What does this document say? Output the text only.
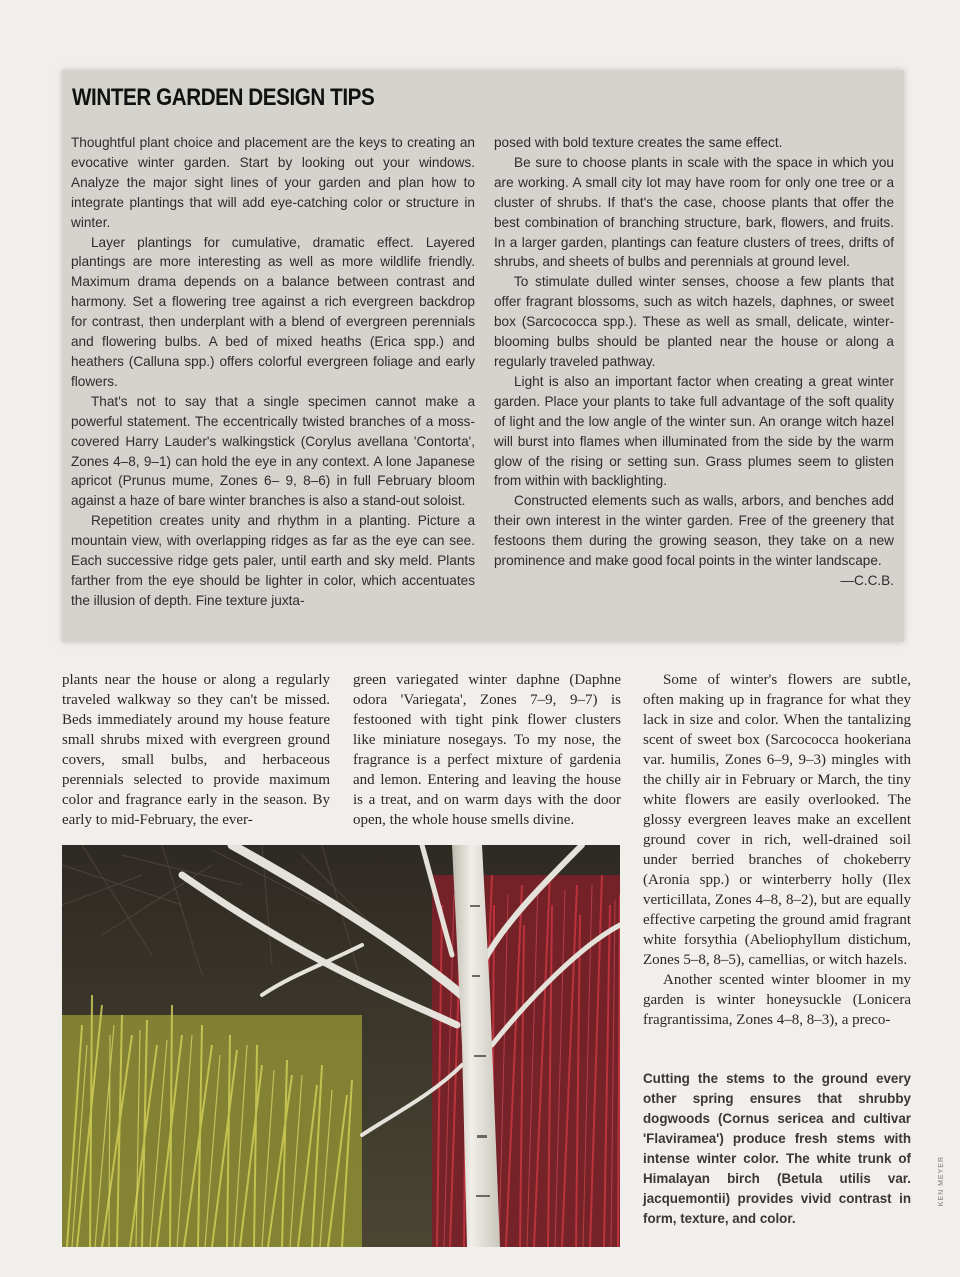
WINTER GARDEN DESIGN TIPS

Thoughtful plant choice and placement are the keys to creating an evocative winter garden. Start by looking out your windows. Analyze the major sight lines of your garden and plan how to integrate plantings that will add eye-catching color or structure in winter.

Layer plantings for cumulative, dramatic effect. Layered plantings are more interesting as well as more wildlife friendly. Maximum drama depends on a balance between contrast and harmony. Set a flowering tree against a rich evergreen backdrop for contrast, then underplant with a blend of evergreen perennials and flowering bulbs. A bed of mixed heaths (Erica spp.) and heathers (Calluna spp.) offers colorful evergreen foliage and early flowers.

That's not to say that a single specimen cannot make a powerful statement. The eccentrically twisted branches of a moss-covered Harry Lauder's walkingstick (Corylus avellana 'Contorta', Zones 4–8, 9–1) can hold the eye in any context. A lone Japanese apricot (Prunus mume, Zones 6– 9, 8–6) in full February bloom against a haze of bare winter branches is also a stand-out soloist.

Repetition creates unity and rhythm in a planting. Picture a mountain view, with overlapping ridges as far as the eye can see. Each successive ridge gets paler, until earth and sky meld. Plants farther from the eye should be lighter in color, which accentuates the illusion of depth. Fine texture juxta-

posed with bold texture creates the same effect.

Be sure to choose plants in scale with the space in which you are working. A small city lot may have room for only one tree or a cluster of shrubs. If that's the case, choose plants that offer the best combination of branching structure, bark, flowers, and fruits. In a larger garden, plantings can feature clusters of trees, drifts of shrubs, and sheets of bulbs and perennials at ground level.

To stimulate dulled winter senses, choose a few plants that offer fragrant blossoms, such as witch hazels, daphnes, or sweet box (Sarcococca spp.). These as well as small, delicate, winter-blooming bulbs should be planted near the house or along a regularly traveled pathway.

Light is also an important factor when creating a great winter garden. Place your plants to take full advantage of the soft quality of light and the low angle of the winter sun. An orange witch hazel will burst into flames when illuminated from the side by the warm glow of the rising or setting sun. Grass plumes seem to glisten from within with backlighting.

Constructed elements such as walls, arbors, and benches add their own interest in the winter garden. Free of the greenery that festoons them during the growing season, they take on a new prominence and make good focal points in the winter landscape.
—C.C.B.

plants near the house or along a regularly traveled walkway so they can't be missed. Beds immediately around my house feature small shrubs mixed with evergreen ground covers, small bulbs, and herbaceous perennials selected to provide maximum color and fragrance early in the season. By early to mid-February, the ever-

green variegated winter daphne (Daphne odora 'Variegata', Zones 7–9, 9–7) is festooned with tight pink flower clusters like miniature nosegays. To my nose, the fragrance is a perfect mixture of gardenia and lemon. Entering and leaving the house is a treat, and on warm days with the door open, the whole house smells divine.

Some of winter's flowers are subtle, often making up in fragrance for what they lack in size and color. When the tantalizing scent of sweet box (Sarcococca hookeriana var. humilis, Zones 6–9, 9–3) mingles with the chilly air in February or March, the tiny white flowers are easily overlooked. The glossy evergreen leaves make an excellent ground cover in rich, well-drained soil under berried branches of chokeberry (Aronia spp.) or winterberry holly (Ilex verticillata, Zones 4–8, 8–2), but are equally effective carpeting the ground amid fragrant white forsythia (Abeliophyllum distichum, Zones 5–8, 8–5), camellias, or witch hazels.

Another scented winter bloomer in my garden is winter honeysuckle (Lonicera fragrantissima, Zones 4–8, 8–3), a preco-

Cutting the stems to the ground every other spring ensures that shrubby dogwoods (Cornus sericea and cultivar 'Flaviramea') produce fresh stems with intense winter color. The white trunk of Himalayan birch (Betula utilis var. jacquemontii) provides vivid contrast in form, texture, and color.
KEN MEYER
